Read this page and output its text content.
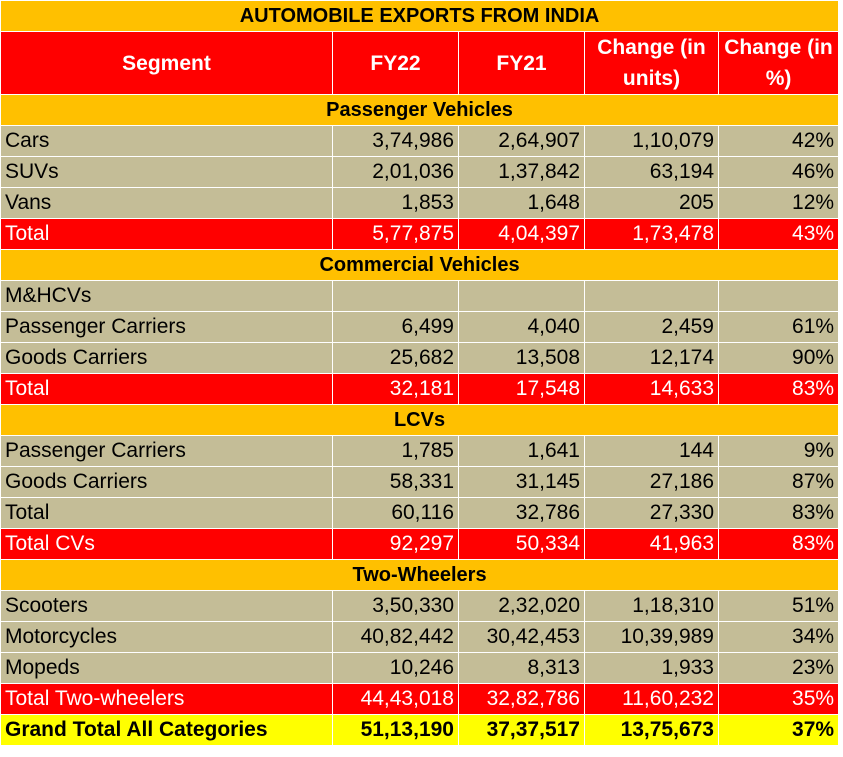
AUTOMOBILE EXPORTS FROM INDIA				
Segment	FY22	FY21	Change (in units)	Change (in %)
Passenger Vehicles				
Cars	3,74,986	2,64,907	1,10,079	42%
SUVs	2,01,036	1,37,842	63,194	46%
Vans	1,853	1,648	205	12%
Total	5,77,875	4,04,397	1,73,478	43%
Commercial Vehicles				
M&HCVs				
Passenger Carriers	6,499	4,040	2,459	61%
Goods Carriers	25,682	13,508	12,174	90%
Total	32,181	17,548	14,633	83%
LCVs				
Passenger Carriers	1,785	1,641	144	9%
Goods Carriers	58,331	31,145	27,186	87%
Total	60,116	32,786	27,330	83%
Total CVs	92,297	50,334	41,963	83%
Two-Wheelers				
Scooters	3,50,330	2,32,020	1,18,310	51%
Motorcycles	40,82,442	30,42,453	10,39,989	34%
Mopeds	10,246	8,313	1,933	23%
Total Two-wheelers	44,43,018	32,82,786	11,60,232	35%
Grand Total All Categories	51,13,190	37,37,517	13,75,673	37%
